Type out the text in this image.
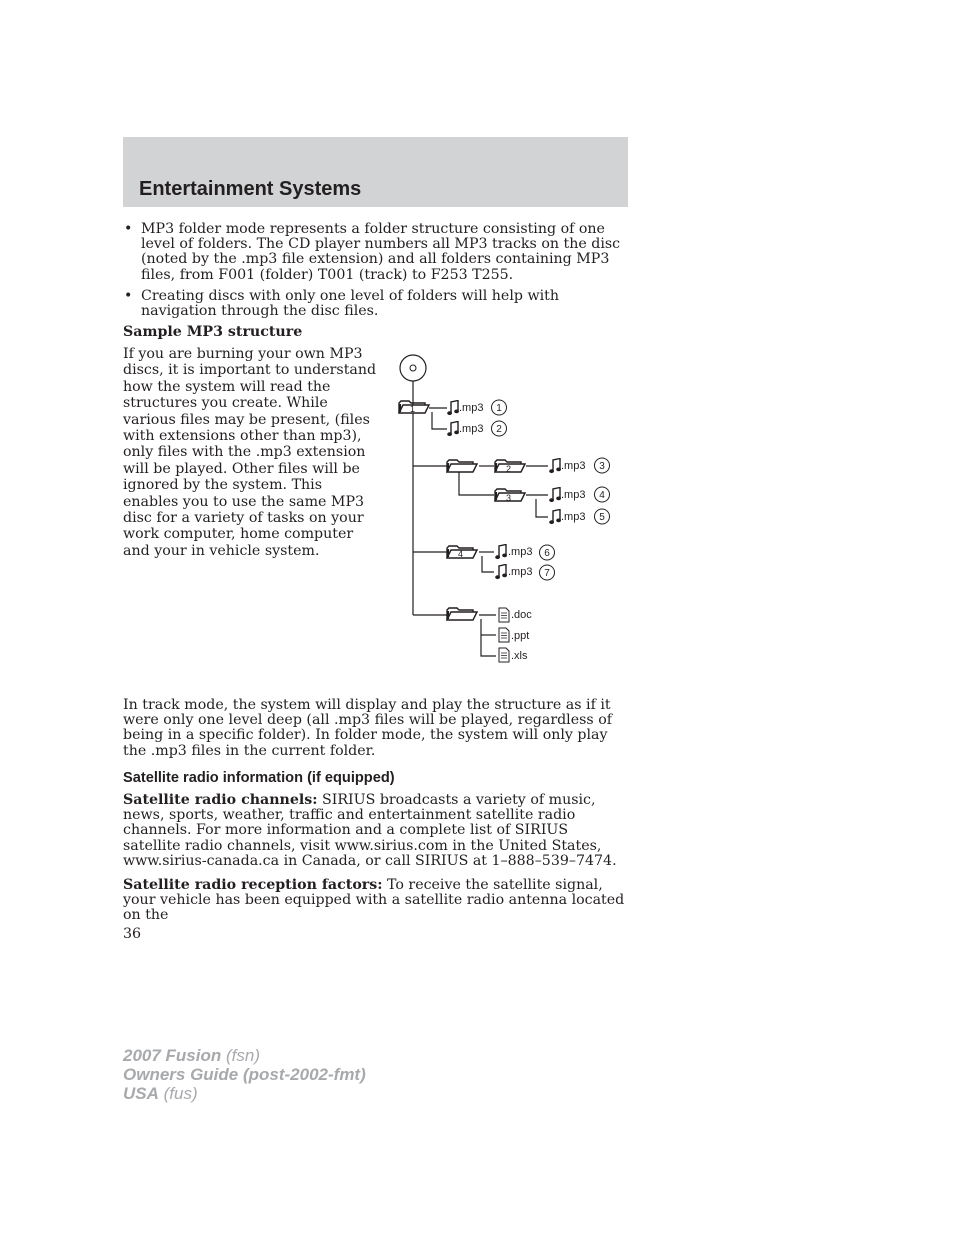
Entertainment Systems
• MP3 folder mode represents a folder structure consisting of one level of folders. The CD player numbers all MP3 tracks on the disc (noted by the .mp3 file extension) and all folders containing MP3 files, from F001 (folder) T001 (track) to F253 T255.
• Creating discs with only one level of folders will help with navigation through the disc files.

Sample MP3 structure

If you are burning your own MP3 discs, it is important to understand how the system will read the structures you create. While various files may be present, (files with extensions other than mp3), only files with the .mp3 extension will be played. Other files will be ignored by the system. This enables you to use the same MP3 disc for a variety of tasks on your work computer, home computer and your in vehicle system.

1	.mp3 1
.mp3 2
2	.mp3 3
3	.mp3 4
.mp3 5
4	.mp3 6
.mp3 7
.doc
.ppt
.xls

In track mode, the system will display and play the structure as if it were only one level deep (all .mp3 files will be played, regardless of being in a specific folder). In folder mode, the system will only play the .mp3 files in the current folder.

Satellite radio information (if equipped)

Satellite radio channels: SIRIUS broadcasts a variety of music, news, sports, weather, traffic and entertainment satellite radio channels. For more information and a complete list of SIRIUS satellite radio channels, visit www.sirius.com in the United States, www.sirius-canada.ca in Canada, or call SIRIUS at 1–888–539–7474.

Satellite radio reception factors: To receive the satellite signal, your vehicle has been equipped with a satellite radio antenna located on the

36
2007 Fusion (fsn)
Owners Guide (post-2002-fmt)
USA (fus)
